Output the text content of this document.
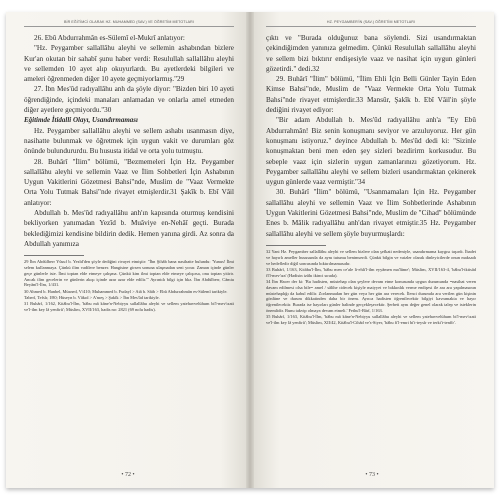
BİR EĞİTİMCİ OLARAK HZ. MUHAMMED (SAV.) VE ÖĞRETİM METOTLARI

26. Ebû Abdurrahmân es-Sülemî el-Mukrî anlatıyor:

"Hz. Peygamber sallallâhu aleyhi ve sellemin ashabından bizlere Kur'an okutan bir sahabî şunu haber verdi: Resulullah sallallâhu aleyhi ve sellemden 10 ayet alıp okuyurlardı. Bu ayetlerdeki bilgileri ve ameleri öğrenmeden diğer 10 ayete geçmiyorlarmış."29

27. İbn Mes'ûd radıyallâhu anh da şöyle diyor: "Bizden biri 10 ayeti öğrendiğinde, içindeki manaları anlamadan ve onlarla amel etmeden diğer ayetlere geçmiyordu."30

Eğitimde İtidalli Olayı, Usandırmaması

Hz. Peygamber sallallâhu aleyhi ve sellem ashabı usanmasın diye, nasihatte bulunmak ve öğretmek için uygun vakit ve durumları göz önünde bulundururdu. Bu hususta itidal ve orta yolu tutmuştu.

28. Buhârî "İlim" bölümü, "Bezmemeleri İçin Hz. Peygamber sallallâhu aleyhi ve sellemin Vaaz ve İlim Sohbetleri İçin Ashabının Uygun Vakitlerini Gözetmesi Bahsi"nde, Muslim de "Vaaz Vermekte Orta Yolu Tutmak Bahsi"nde rivayet etmişlerdir.31 Şakîk b. Ebî Vâil anlatıyor:

Abdullah b. Mes'ûd radıyallâhu anh'ın kapısında oturmuş kendisini bekliyorken yanımadan Yezîd b. Muâviye en-Nehâî geçti. Burada beklediğimizi kendisine bildirin dedik. Hemen yanına girdi. Az sonra da Abdullah yanımıza

29 İbn Abdülberr Yûsuf b. Yezîd'den şöyle dediğini rivayet etmiştir: "İbn Şihâb bana nasihatte bulundu: 'Yunus! İlmi selem kullanmaya. Çünkü ilim vadilere benzer. Hangisine girsen sonuna ulaşmadan seni yorar. Zaman içinde günler geçe günlerle iste. İlmi toptan elde etmeye çalışma. Çünkü kim ilmi toptan elde etmeye çalışırsa, onu toptan yitirir. Ancak ilim gecelerin ve günlerin akışı içinde azar azar elde edilir.'" Ayrıntılı bilgi için bkz. İbn Abdülberr, Câmiu Beyâni'l-İlm, 1/431.

30 Ahmed b. Hanbel, Müsned, V/410; Muhammed b. Fudayl > Atâ b. Sâib > Ebû Abdurrahmân es-Sülemî tarikiyle.

Taberî, Tefsîr, I/80; Hüseyn b. Vâkıd > A'meş > Şakîk > İbn Mes'ûd tarikiyle.

31 Buhârî, 1/162, Kitâbu'l-İlm, 'bâbu mâ kâne'n-Nebiyyu sallallâhu aleyhi ve sellem yatehavvelühum bi'l-mev'ızati ve'l-ilm key lâ yenfirû'; Müslim, XVII/163, hadis no: 2821 (69 nolu hadis).

• 72 •
HZ. PEYGAMBER'İN (SAV.) ÖĞRETİM METOTLARI

çıktı ve "Burada olduğunuz bana söylendi. Sizi usandırmaktan çekindiğimden yanınıza gelmedim. Çünkü Resulullah sallallâhu aleyhi ve sellem bizi bıktırır endişesiyle vaaz ve nasihat için uygun günleri gözetirdi." dedi.32

29. Buhârî "İlim" bölümü, "İlim Ehli İçin Belli Günler Tayin Eden Kimse Bahsi"nde, Muslim de "Vaaz Vermekte Orta Yolu Tutmak Bahsi"nde rivayet etmişlerdir.33 Mansûr, Şakîk b. Ebî Vâil'in şöyle dediğini rivayet ediyor:

"Bir adam Abdullah b. Mes'ûd radıyallâhu anh'a "Ey Ebû Abdurrahmân! Biz senin konuşmanı seviyor ve arzuluyoruz. Her gün konuşmanı istiyoruz." deyince Abdullah b. Mes'ûd dedi ki: "Sizinle konuşmaktan beni men eden şey sizleri bezdirirm korkusudur. Bu sebeple vaaz için sizlerin uygun zamanlarınızı gözetiyorum. Hz. Peygamber sallallâhu aleyhi ve sellem bizleri usandırmaktan çekinerek uygun günlerde vaaz vermiştir."34

30. Buhârî "İlim" bölümü, "Usanmamaları İçin Hz. Peygamber sallallâhu aleyhi ve sellemin Vaaz ve İlim Sohbetlerinde Ashabının Uygun Vakitlerini Gözetmesi Bahsi"nde, Muslim de "Cihad" bölümünde Enes b. Mâlik radıyallâhu anh'dan rivayet etmiştir.35 Hz. Peygamber sallallâhu aleyhi ve sellem şöyle buyurmuşlardı:

32 Yani Hz. Peygamber sallallâhu aleyhi ve sellem bizlere olan şefkati nedeniyle, usandırmama kaygısı taşırdı. İbadet ve hayırlı ameller hususunda da aynı tutumu benimserdi. Çünkü bilgin ve vaizler olarak dinleyicilerde onun maksadı ve hedefledir diğil sonrasında bıktırılmamasıdır.

33 Buhârî, 1/163, Kitâbu'l-İlm, 'bâbu men ce'ale li-ehli'l-ilm eyyâmen ma'lûme'; Müslim, XVII/163-4, 'bâbu'l-iktisâd fî'l-mev'ıza' (Hadisin izâhı ikinci sırada).

34 İbn Hacer der ki: 'Bu hadisten, müstehap olan şeylere devam etme konusunda uygun durumunda =nasihat veren davam edilmesi olsa bile= amel / sâlihe cidecek kişiyle maiyyet ve bıkkınlık verme endişesi ile ara ara yapılmasının müstehaplığı da kabul edilir. Zorlanmadan her gün veya her gün ara verecek. İlenci durumda ara verilen gün kişinin gönlüne ve durum dikkatinden daha bir önem. Ayrıca hadisten öğrenilecektir bilgiyi kavramakta ve hayır öğrenilecektir. Burada ise hayırları günler halinde gerçekleşecektir. Şerbeti aynı değer genel olarak talep ve isteklerin önemlidir. Bunu takvip olmaya devam etmeli.' Fethu'l-Bârî, 1/163.

35 Buhârî, 1/163, Kitâbu'l-İlm, 'bâbu mâ kâne'n-Nebiyyu sallallâhu aleyhi ve sellem yatehavvelühum bi'l-mev'ızati ve'l-ilm key lâ yenfirû'; Müslim, XII/42, Kitâbu'l-Cihâd ve's-Siyer, 'bâbu fi'l-emri bi't-teysîr ve terki't-tenfîr'.

• 73 •
